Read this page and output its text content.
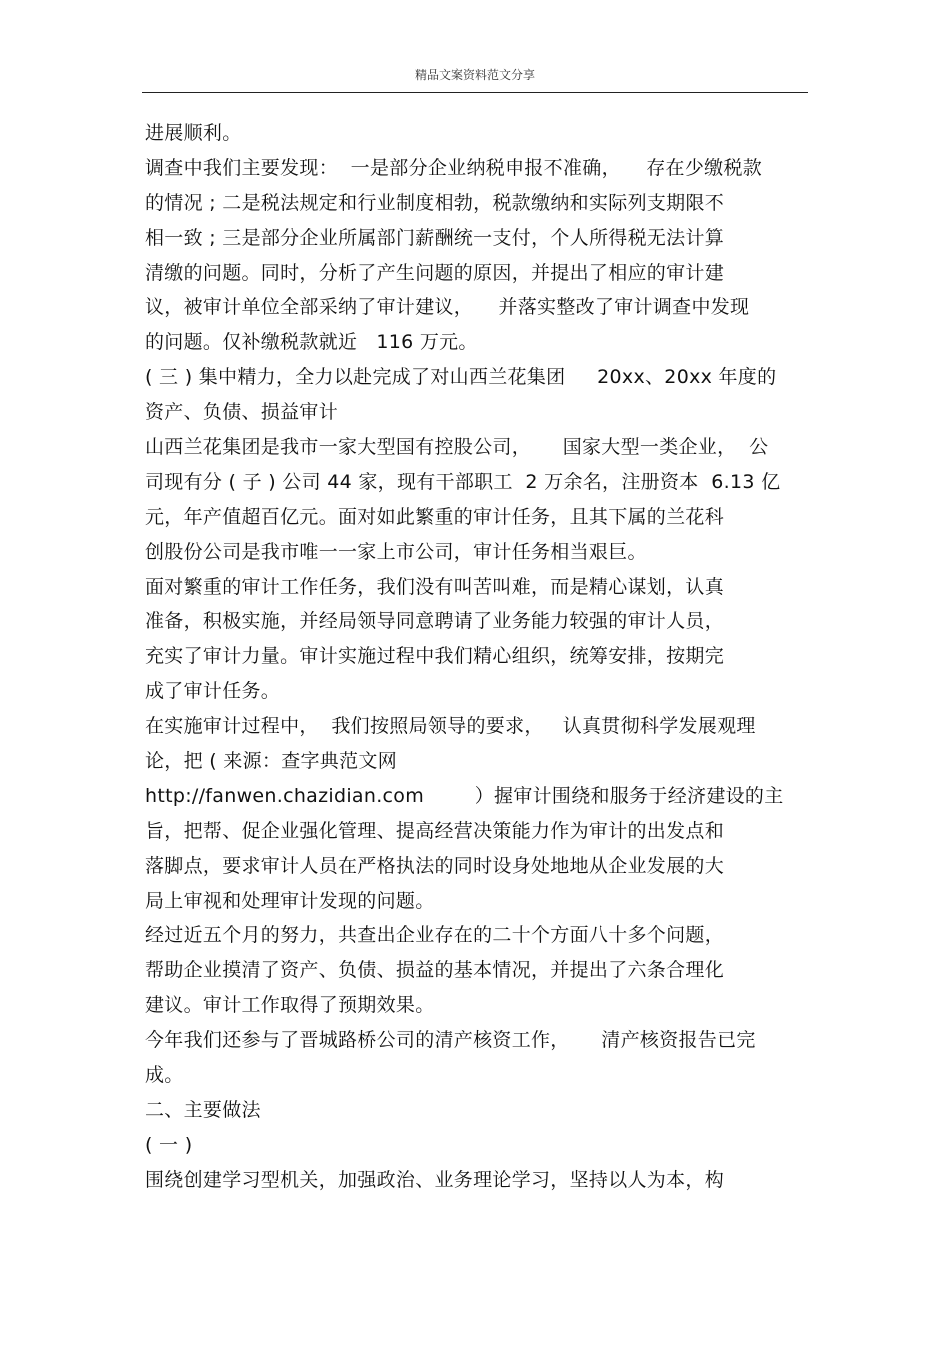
精品文案资料范文分享
进展顺利。
调查中我们主要发现：  一是部分企业纳税申报不准确，    存在少缴税款
的情况 ; 二是税法规定和行业制度相勃，税款缴纳和实际列支期限不
相一致 ; 三是部分企业所属部门薪酬统一支付，个人所得税无法计算
清缴的问题。同时，分析了产生问题的原因，并提出了相应的审计建
议，被审计单位全部采纳了审计建议，    并落实整改了审计调查中发现
的问题。仅补缴税款就近   116 万元。
( 三 ) 集中精力，全力以赴完成了对山西兰花集团     20xx、20xx 年度的
资产、负债、损益审计
山西兰花集团是我市一家大型国有控股公司，     国家大型一类企业，  公
司现有分 ( 子 ) 公司 44 家，现有干部职工  2 万余名，注册资本  6.13 亿
元，年产值超百亿元。面对如此繁重的审计任务，且其下属的兰花科
创股份公司是我市唯一一家上市公司，审计任务相当艰巨。
面对繁重的审计工作任务，我们没有叫苦叫难，而是精心谋划，认真
准备，积极实施，并经局领导同意聘请了业务能力较强的审计人员，
充实了审计力量。审计实施过程中我们精心组织，统筹安排，按期完
成了审计任务。
在实施审计过程中，  我们按照局领导的要求，   认真贯彻科学发展观理
论，把 ( 来源：查字典范文网
http://fanwen.chazidian.com        ）握审计围绕和服务于经济建设的主
旨，把帮、促企业强化管理、提高经营决策能力作为审计的出发点和
落脚点，要求审计人员在严格执法的同时设身处地地从企业发展的大
局上审视和处理审计发现的问题。
经过近五个月的努力，共查出企业存在的二十个方面八十多个问题，
帮助企业摸清了资产、负债、损益的基本情况，并提出了六条合理化
建议。审计工作取得了预期效果。
今年我们还参与了晋城路桥公司的清产核资工作，     清产核资报告已完
成。
二、主要做法
( 一 )
围绕创建学习型机关，加强政治、业务理论学习，坚持以人为本，构
